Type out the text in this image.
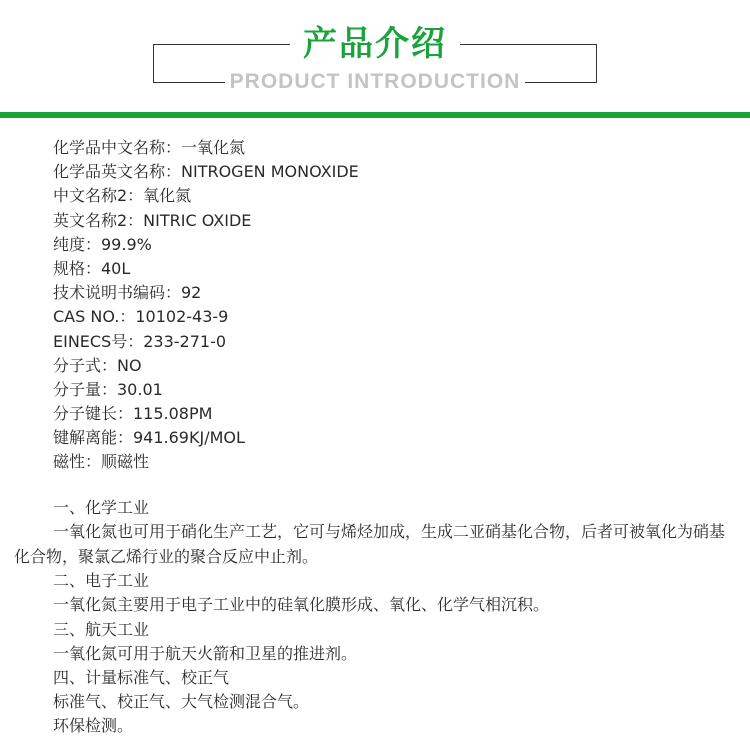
产品介绍
PRODUCT INTRODUCTION
化学品中文名称：一氧化氮
化学品英文名称：NITROGEN MONOXIDE
中文名称2：氧化氮
英文名称2：NITRIC OXIDE
纯度：99.9%
规格：40L
技术说明书编码：92
CAS NO.：10102-43-9
EINECS号：233-271-0
分子式：NO
分子量：30.01
分子键长：115.08PM
键解离能：941.69KJ/MOL
磁性：顺磁性
一、化学工业
一氧化氮也可用于硝化生产工艺，它可与烯烃加成，生成二亚硝基化合物，后者可被氧化为硝基化合物，聚氯乙烯行业的聚合反应中止剂。
二、电子工业
一氧化氮主要用于电子工业中的硅氧化膜形成、氧化、化学气相沉积。
三、航天工业
一氧化氮可用于航天火箭和卫星的推进剂。
四、计量标准气、校正气
标准气、校正气、大气检测混合气。
环保检测。
